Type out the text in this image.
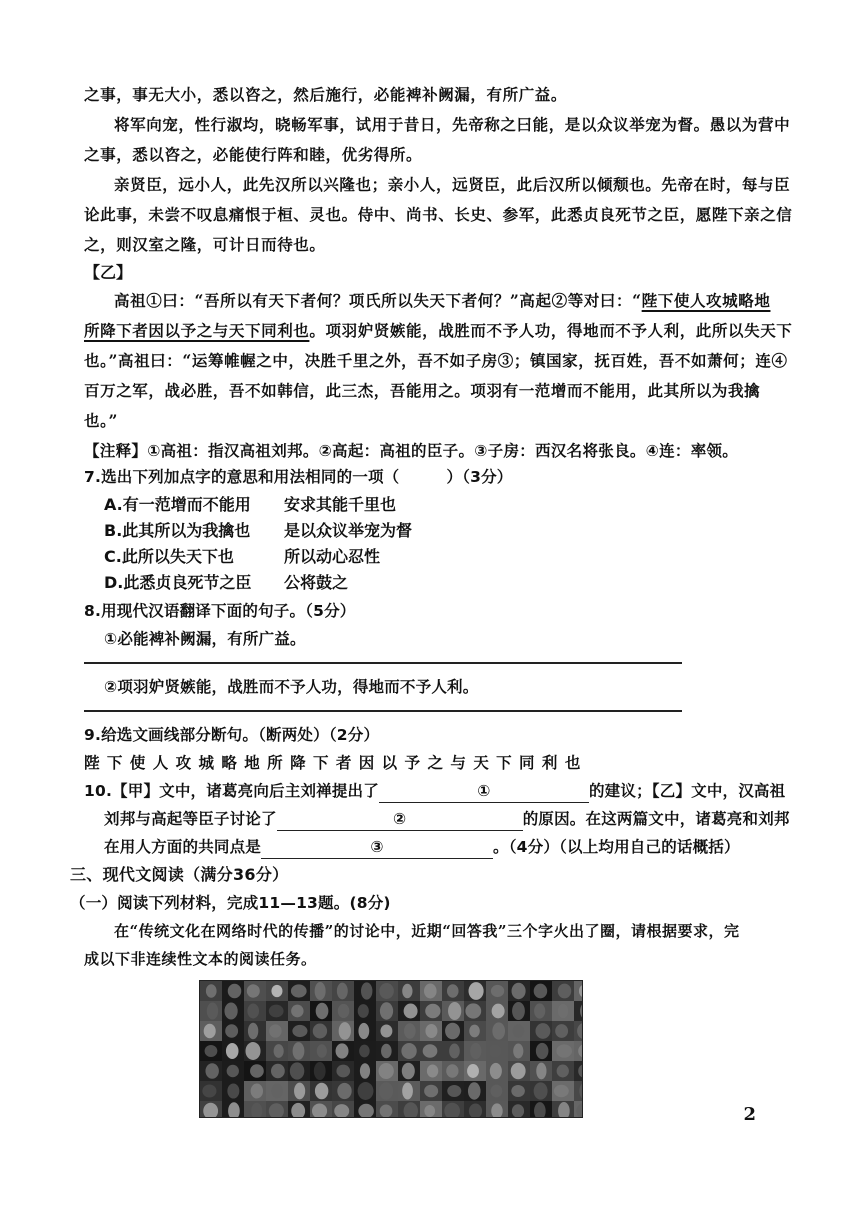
之事，事无大小，悉以咨之，然后施行，必能裨补阙漏，有所广益。
将军向宠，性行淑均，晓畅军事，试用于昔日，先帝称之曰能，是以众议举宠为督。愚以为营中
之事，悉以咨之，必能使行阵和睦，优劣得所。
亲贤臣，远小人，此先汉所以兴隆也；亲小人，远贤臣，此后汉所以倾颓也。先帝在时，每与臣
论此事，未尝不叹息痛恨于桓、灵也。侍中、尚书、长史、参军，此悉贞良死节之臣，愿陛下亲之信
之，则汉室之隆，可计日而待也。
【乙】
高祖①曰：“吾所以有天下者何？项氏所以失天下者何？”高起②等对曰：“陛下使人攻城略地
所降下者因以予之与天下同利也。项羽妒贤嫉能，战胜而不予人功，得地而不予人利，此所以失天下
也。”高祖曰：“运筹帷幄之中，决胜千里之外，吾不如子房③；镇国家，抚百姓，吾不如萧何；连④
百万之军，战必胜，吾不如韩信，此三杰，吾能用之。项羽有一范增而不能用，此其所以为我擒
也。”
【注释】①高祖：指汉高祖刘邦。②高起：高祖的臣子。③子房：西汉名将张良。④连：率领。
7.选出下列加点字的意思和用法相同的一项（　　　）（3分）
A.有一范增而不能用 安求其能千里也
B.此其所以为我擒也 是以众议举宠为督
C.此所以失天下也	所以动心忍性
D.此悉贞良死节之臣 公将鼓之
8.用现代汉语翻译下面的句子。（5分）
①必能裨补阙漏，有所广益。
②项羽妒贤嫉能，战胜而不予人功，得地而不予人利。
9.给选文画线部分断句。（断两处）（2分）
陛 下 使 人 攻 城 略 地 所 降 下 者 因 以 予 之 与 天 下 同 利 也
10.【甲】文中，诸葛亮向后主刘禅提出了	①	的建议；【乙】文中，汉高祖
刘邦与高起等臣子讨论了	②	的原因。在这两篇文中，诸葛亮和刘邦
在用人方面的共同点是	③	。（4分）（以上均用自己的话概括）
三、现代文阅读（满分36分）
（一）阅读下列材料，完成11—13题。(8分)
在“传统文化在网络时代的传播”的讨论中，近期“回答我”三个字火出了圈，请根据要求，完
成以下非连续性文本的阅读任务。
2
